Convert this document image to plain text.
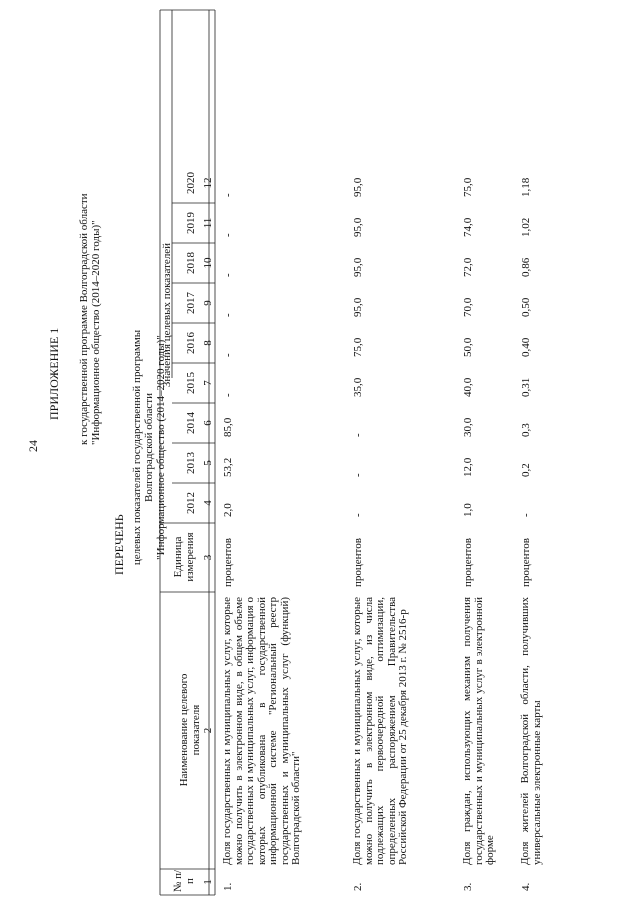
24
ПРИЛОЖЕНИЕ 1 к государственной программе Волгоградской области "Информационное общество (2014–2020 годы)"
ПЕРЕЧЕНЬ целевых показателей государственной программы Волгоградской области "Информационное общество (2014–2020 годы)"
№ п/п
Наименование целевого показателя
Единица измерения
Значения целевых показателей
2012
2013
2014
2015
2016
2017
2018
2019
2020
1
2
3
4
5
6
7
8
9
10
11
12
1.
Доля государственных и муниципальных услуг, которые можно получить в электронном виде, в общем объеме государственных и муниципальных услуг, информация о которых опубликована в государственной информационной системе "Региональный реестр государственных и муниципальных услуг (функций) Волгоградской области"
процентов
2,0
53,2
85,0
-
-
-
-
-
-
2.
Доля государственных и муниципальных услуг, которые можно получить в электронном виде, из числа подлежащих первоочередной оптимизации, определенных распоряжением Правительства Российской Федерации от 25 декабря 2013 г. № 2516-р
процентов
-
-
-
35,0
75,0
95,0
95,0
95,0
95,0
3.
Доля граждан, использующих механизм получения государственных и муниципальных услуг в электронной форме
процентов
1,0
12,0
30,0
40,0
50,0
70,0
72,0
74,0
75,0
4.
Доля жителей Волгоградской области, получивших универсальные электронные карты
процентов
-
0,2
0,3
0,31
0,40
0,50
0,86
1,02
1,18
